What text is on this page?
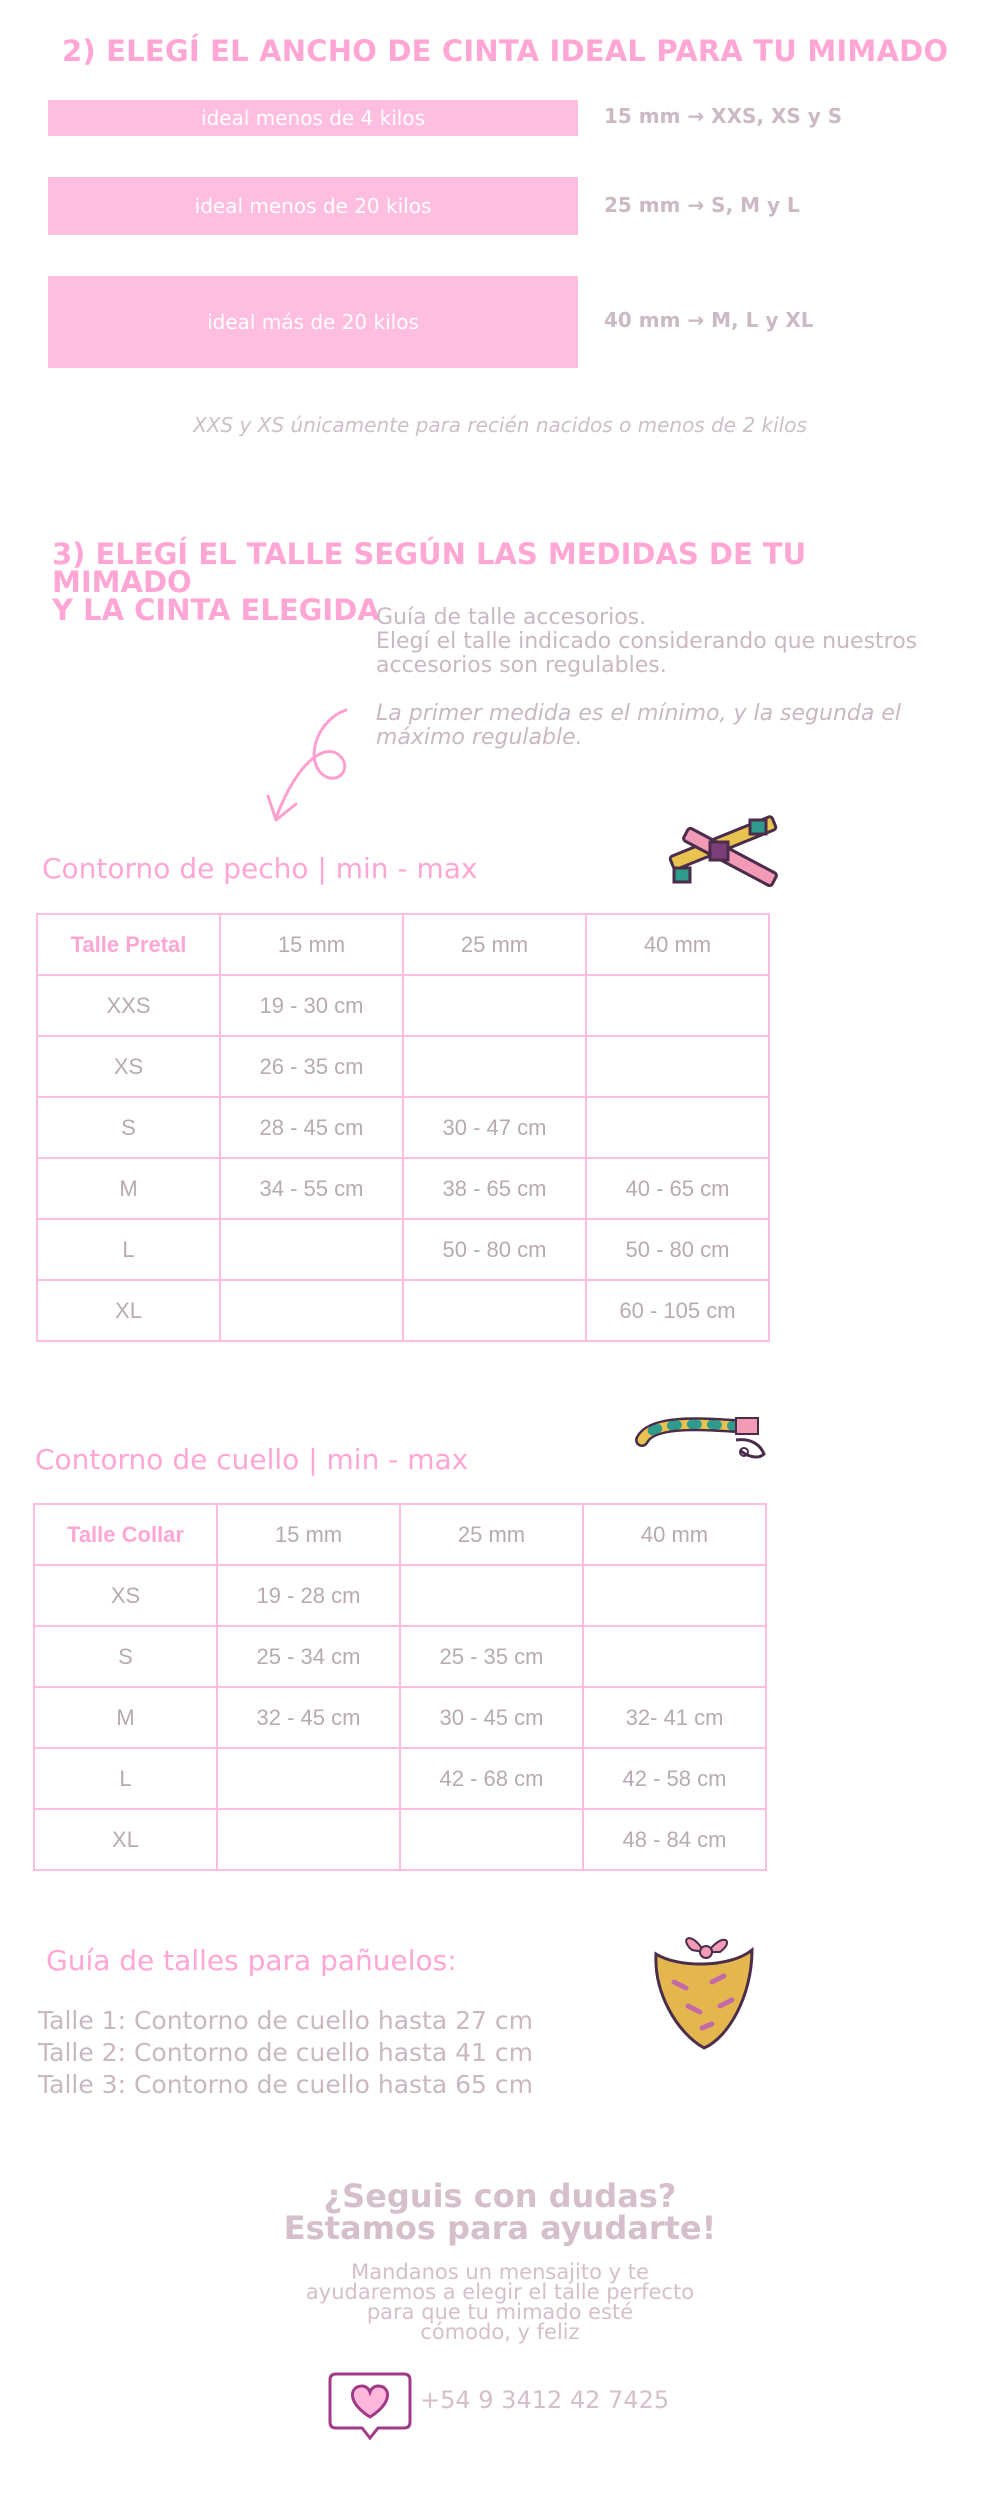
2) ELEGÍ EL ANCHO DE CINTA IDEAL PARA TU MIMADO
ideal menos de 4 kilos	15 mm → XXS, XS y S
ideal menos de 20 kilos	25 mm → S, M y L
ideal más de 20 kilos	40 mm → M, L y XL
XXS y XS únicamente para recién nacidos o menos de 2 kilos
3) ELEGÍ EL TALLE SEGÚN LAS MEDIDAS DE TU MIMADO
Y LA CINTA ELEGIDA
Guía de talle accesorios.
Elegí el talle indicado considerando que nuestros
accesorios son regulables.
La primer medida es el mínimo, y la segunda el
máximo regulable.
Contorno de pecho | min - max
Talle Pretal	15 mm	25 mm	40 mm
XXS	19 - 30 cm		
XS	26 - 35 cm		
S	28 - 45 cm	30 - 47 cm	
M	34 - 55 cm	38 - 65 cm	40 - 65 cm
L		50 - 80 cm	50 - 80 cm
XL			60 - 105 cm
Contorno de cuello | min - max
Talle Collar	15 mm	25 mm	40 mm
XS	19 - 28 cm		
S	25 - 34 cm	25 - 35 cm	
M	32 - 45 cm	30 - 45 cm	32- 41 cm
L		42 - 68 cm	42 - 58 cm
XL			48 - 84 cm
Guía de talles para pañuelos:
Talle 1: Contorno de cuello hasta 27 cm
Talle 2: Contorno de cuello hasta 41 cm
Talle 3: Contorno de cuello hasta 65 cm
¿Seguis con dudas?
Estamos para ayudarte!
Mandanos un mensajito y te
ayudaremos a elegir el talle perfecto
para que tu mimado esté
cómodo, y feliz
+54 9 3412 42 7425
